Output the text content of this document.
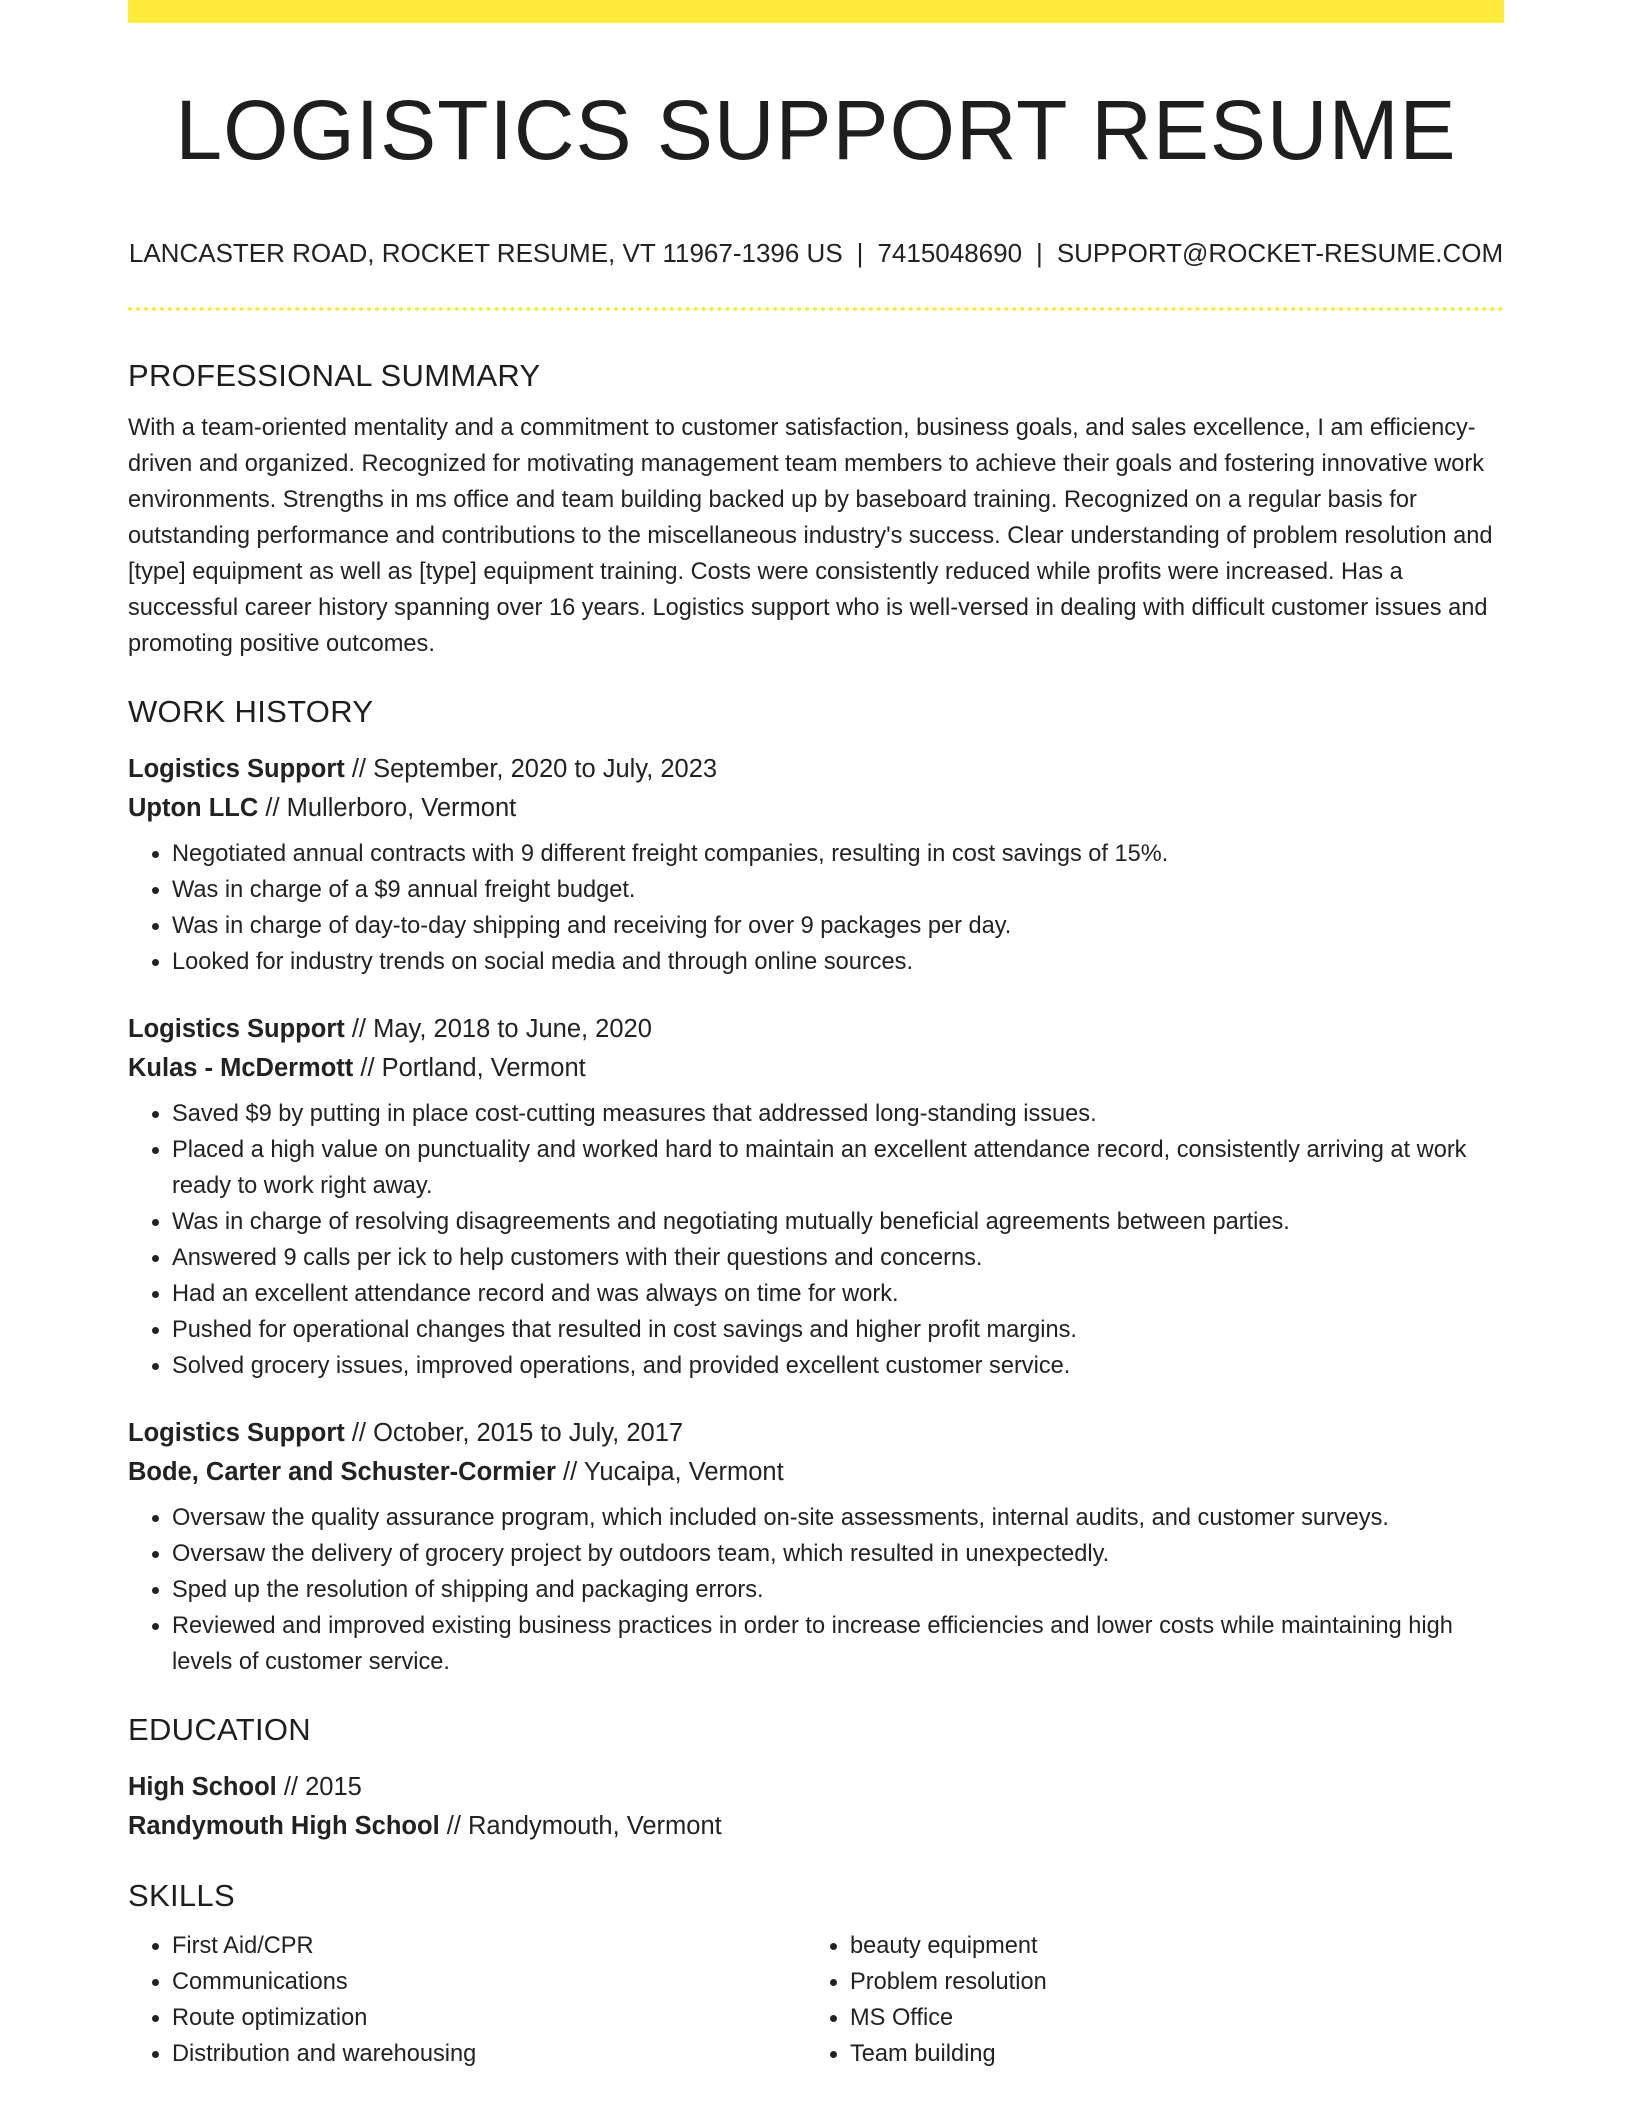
LOGISTICS SUPPORT RESUME
LANCASTER ROAD, ROCKET RESUME, VT 11967-1396 US | 7415048690 | SUPPORT@ROCKET-RESUME.COM
PROFESSIONAL SUMMARY

With a team-oriented mentality and a commitment to customer satisfaction, business goals, and sales excellence, I am efficiency-driven and organized. Recognized for motivating management team members to achieve their goals and fostering innovative work environments. Strengths in ms office and team building backed up by baseboard training. Recognized on a regular basis for outstanding performance and contributions to the miscellaneous industry's success. Clear understanding of problem resolution and [type] equipment as well as [type] equipment training. Costs were consistently reduced while profits were increased. Has a successful career history spanning over 16 years. Logistics support who is well-versed in dealing with difficult customer issues and promoting positive outcomes.

WORK HISTORY
Logistics Support // September, 2020 to July, 2023
Upton LLC // Mullerboro, Vermont
• Negotiated annual contracts with 9 different freight companies, resulting in cost savings of 15%.
• Was in charge of a $9 annual freight budget.
• Was in charge of day-to-day shipping and receiving for over 9 packages per day.
• Looked for industry trends on social media and through online sources.
Logistics Support // May, 2018 to June, 2020
Kulas - McDermott // Portland, Vermont
• Saved $9 by putting in place cost-cutting measures that addressed long-standing issues.
• Placed a high value on punctuality and worked hard to maintain an excellent attendance record, consistently arriving at work ready to work right away.
• Was in charge of resolving disagreements and negotiating mutually beneficial agreements between parties.
• Answered 9 calls per ick to help customers with their questions and concerns.
• Had an excellent attendance record and was always on time for work.
• Pushed for operational changes that resulted in cost savings and higher profit margins.
• Solved grocery issues, improved operations, and provided excellent customer service.
Logistics Support // October, 2015 to July, 2017
Bode, Carter and Schuster-Cormier // Yucaipa, Vermont
• Oversaw the quality assurance program, which included on-site assessments, internal audits, and customer surveys.
• Oversaw the delivery of grocery project by outdoors team, which resulted in unexpectedly.
• Sped up the resolution of shipping and packaging errors.
• Reviewed and improved existing business practices in order to increase efficiencies and lower costs while maintaining high levels of customer service.
EDUCATION
High School // 2015
Randymouth High School // Randymouth, Vermont
SKILLS
• First Aid/CPR
• Communications
• Route optimization
• Distribution and warehousing
• beauty equipment
• Problem resolution
• MS Office
• Team building
